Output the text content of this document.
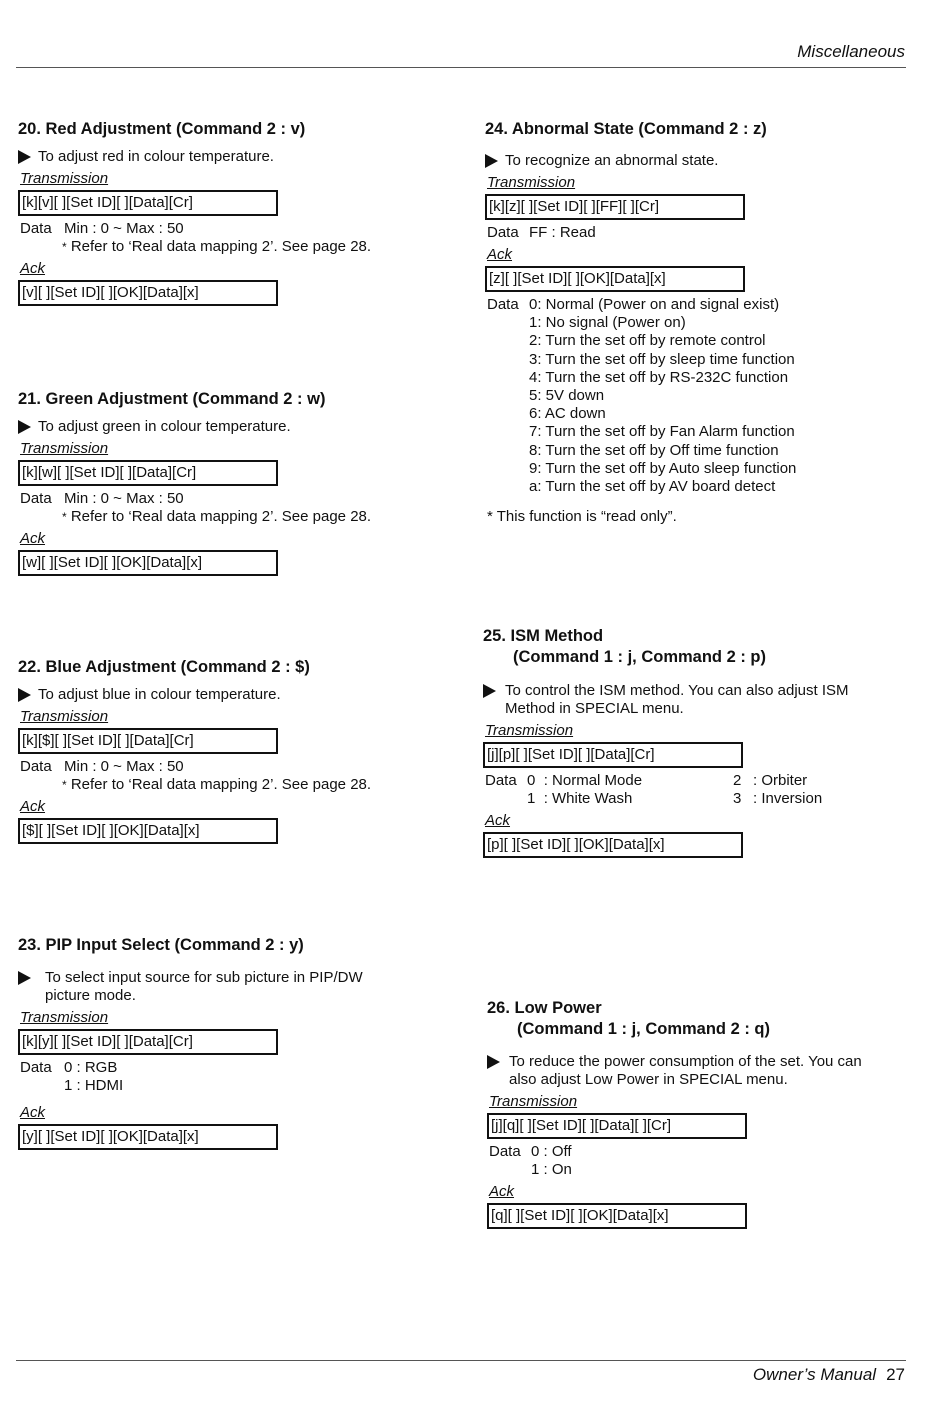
Miscellaneous
20. Red Adjustment (Command 2 : v)
To adjust red in colour temperature.
Transmission
[k][v][ ][Set ID][ ][Data][Cr]
Data Min : 0 ~ Max : 50
* Refer to ‘Real data mapping 2’. See page 28.
Ack
[v][ ][Set ID][ ][OK][Data][x]
21. Green Adjustment (Command 2 : w)
To adjust green in colour temperature.
Transmission
[k][w][ ][Set ID][ ][Data][Cr]
Data Min : 0 ~ Max : 50
* Refer to ‘Real data mapping 2’. See page 28.
Ack
[w][ ][Set ID][ ][OK][Data][x]
22. Blue Adjustment (Command 2 : $)
To adjust blue in colour temperature.
Transmission
[k][$][ ][Set ID][ ][Data][Cr]
Data Min : 0 ~ Max : 50
* Refer to ‘Real data mapping 2’. See page 28.
Ack
[$][ ][Set ID][ ][OK][Data][x]
23. PIP Input Select (Command 2 : y)
To select input source for sub picture in PIP/DW picture mode.
Transmission
[k][y][ ][Set ID][ ][Data][Cr]
Data 0 : RGB
1 : HDMI
Ack
[y][ ][Set ID][ ][OK][Data][x]
24. Abnormal State (Command 2 : z)
To recognize an abnormal state.
Transmission
[k][z][ ][Set ID][ ][FF][ ][Cr]
Data FF : Read
Ack
[z][ ][Set ID][ ][OK][Data][x]
Data 0: Normal (Power on and signal exist)
1: No signal (Power on)
2: Turn the set off by remote control
3: Turn the set off by sleep time function
4: Turn the set off by RS-232C function
5: 5V down
6: AC down
7: Turn the set off by Fan Alarm function
8: Turn the set off by Off time function
9: Turn the set off by Auto sleep function
a: Turn the set off by AV board detect
* This function is “read only”.
25. ISM Method
(Command 1 : j, Command 2 : p)
To control the ISM method. You can also adjust ISM Method in SPECIAL menu.
Transmission
[j][p][ ][Set ID][ ][Data][Cr]
Data 0 : Normal Mode	2 : Orbiter
1 : White Wash	3 : Inversion
Ack
[p][ ][Set ID][ ][OK][Data][x]
26. Low Power
(Command 1 : j, Command 2 : q)
To reduce the power consumption of the set. You can also adjust Low Power in SPECIAL menu.
Transmission
[j][q][ ][Set ID][ ][Data][ ][Cr]
Data 0 : Off
1 : On
Ack
[q][ ][Set ID][ ][OK][Data][x]
Owner’s Manual 27
